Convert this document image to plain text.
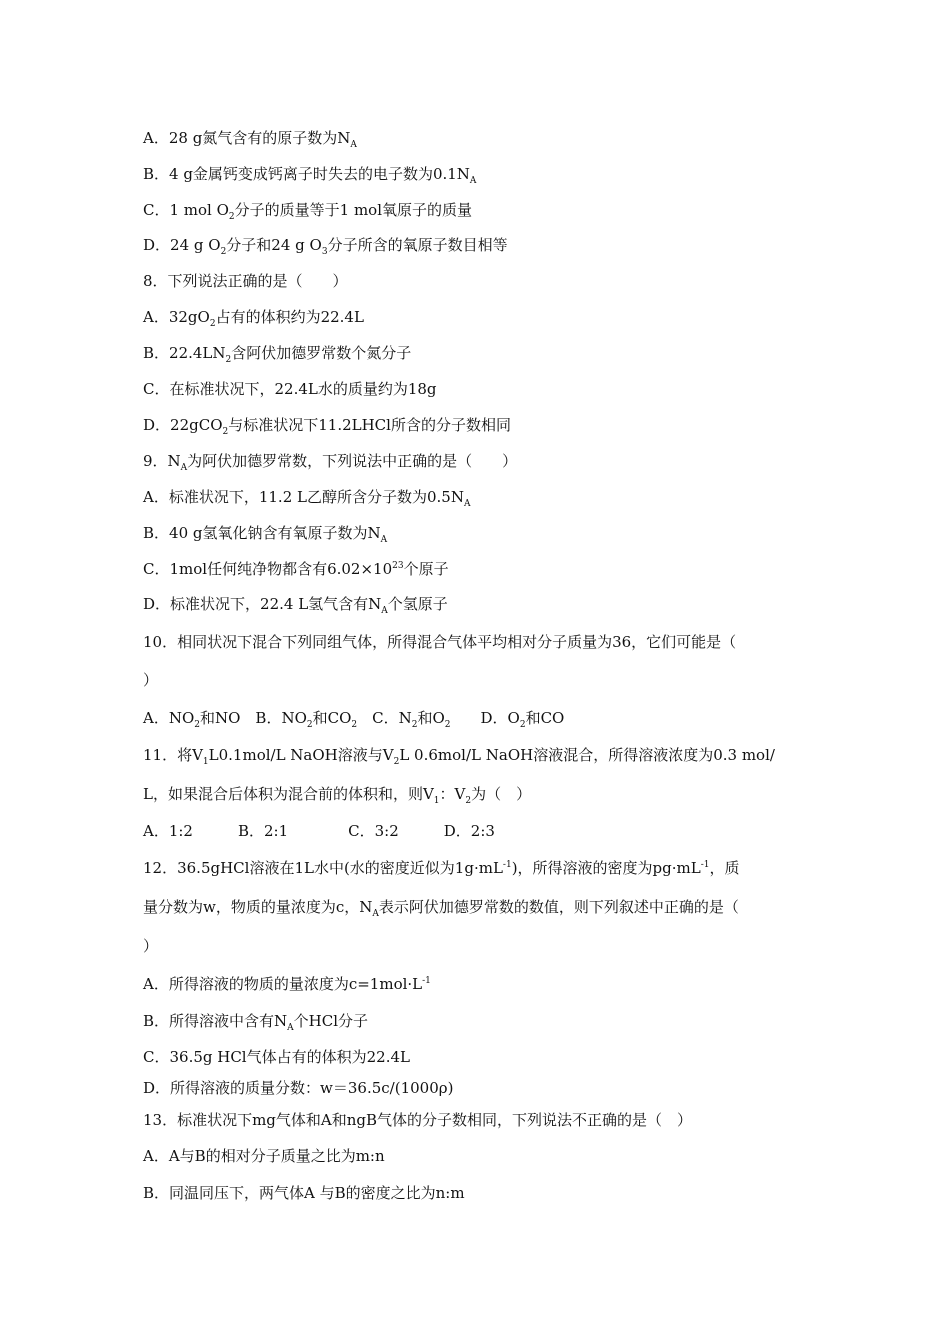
A．28 g氮气含有的原子数为$N_A$
B．4 g金属钙变成钙离子时失去的电子数为$0.1N_A$
C．1 mol $O_2$分子的质量等于1 mol氧原子的质量
D．24 g $O_2$分子和24 g $O_3$分子所含的氧原子数目相等
8．下列说法正确的是（　　）
A．$32gO_2$占有的体积约为22.4L
B．$22.4LN_2$含阿伏加德罗常数个氮分子
C．在标准状况下，22.4L水的质量约为18g
D．22gCO$_2$与标准状况下11.2LHCl所含的分子数相同
9．$N_A$为阿伏加德罗常数，下列说法中正确的是（　　）
A．标准状况下，11.2 L乙醇所含分子数为$0.5N_A$
B．40 g氢氧化钠含有氧原子数为$N_A$
C．1mol任何纯净物都含有$6.02\times 10^{23}$个原子
D．标准状况下，22.4 L氢气含有$N_A$个氢原子
10．相同状况下混合下列同组气体，所得混合气体平均相对分子质量为36，它们可能是（
）
A．$NO_2$和NO　B．$NO_2$和$CO_2$　C．$N_2$和$O_2$　　D．$O_2$和CO
11．将$V_1L0.1mol/L$ NaOH溶液与$V_2L$ 0.6mol/L NaOH溶液混合，所得溶液浓度为0.3 mol/
L，如果混合后体积为混合前的体积和，则$V_1$：$V_2$为（　）
A．1:2　　　B．2:1　　　　C．3:2　　　D．2:3
12．36.5gHCl溶液在1L水中(水的密度近似为$1g\cdot mL^{-1}$)，所得溶液的密度为$pg\cdot mL^{-1}$，质
量分数为w，物质的量浓度为c，$N_A$表示阿伏加德罗常数的数值，则下列叙述中正确的是（
）
A．所得溶液的物质的量浓度为$c=1mol\cdot L^{-1}$
B．所得溶液中含有$N_A$个HCl分子
C．36.5g HCl气体占有的体积为22.4L
D．所得溶液的质量分数：w＝36.5c/(1000ρ)
13．标准状况下mg气体和A和ngB气体的分子数相同，下列说法不正确的是（　）
A．A与B的相对分子质量之比为m:n
B．同温同压下，两气体A 与B的密度之比为n:m
